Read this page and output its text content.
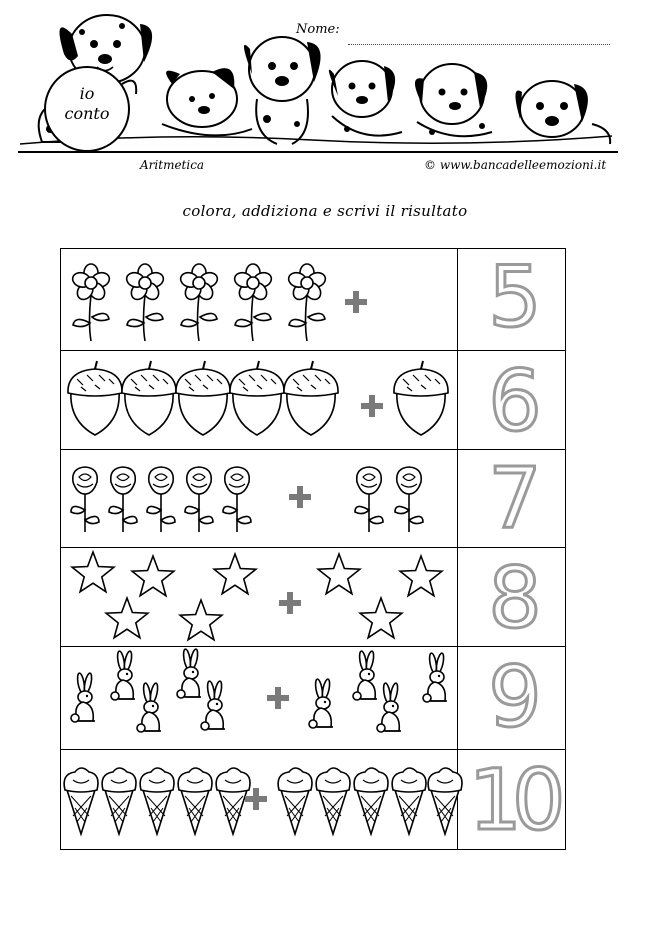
Nome:
io
conto
Aritmetica	© www.bancadelleemozioni.it
colora, addiziona e scrivi il risultato
5
6
7
8
9
10
